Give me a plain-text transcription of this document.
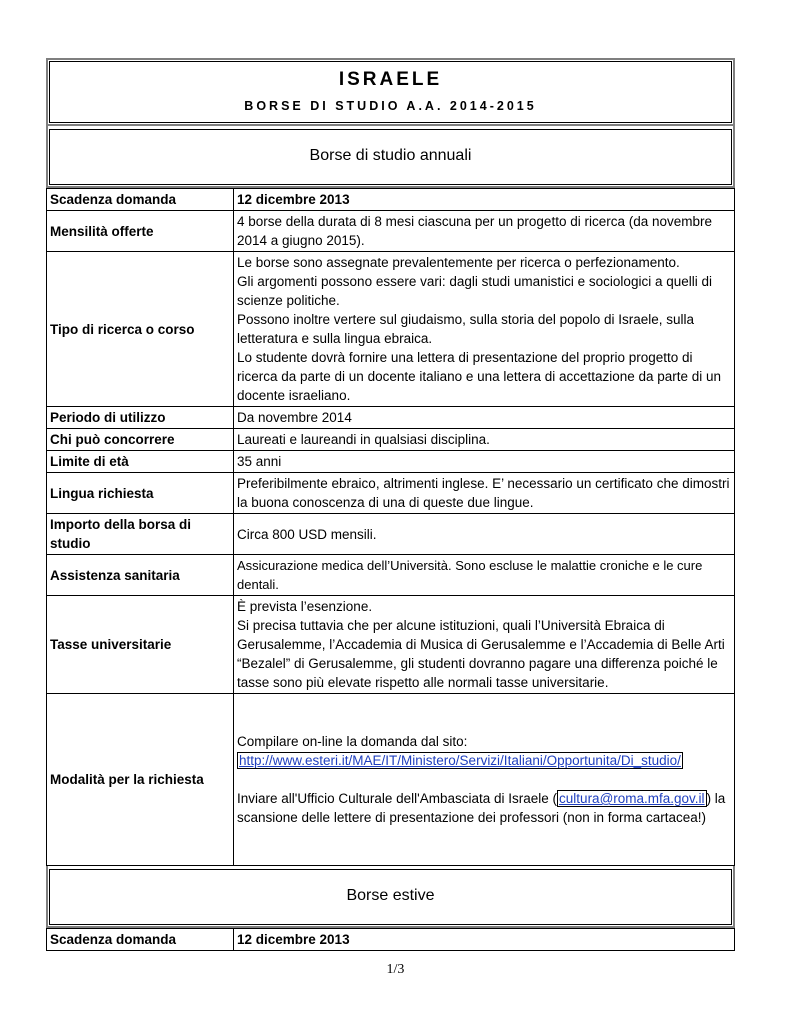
ISRAELE
BORSE DI STUDIO A.A. 2014-2015
Borse di studio annuali
Scadenza domanda	12 dicembre 2013
Mensilità offerte	4 borse della durata di 8 mesi ciascuna per un progetto di ricerca (da novembre 2014 a giugno 2015).
Tipo di ricerca o corso	Le borse sono assegnate prevalentemente per ricerca o perfezionamento.
Gli argomenti possono essere vari: dagli studi umanistici e sociologici a quelli di scienze politiche.
Possono inoltre vertere sul giudaismo, sulla storia del popolo di Israele, sulla letteratura e sulla lingua ebraica.
Lo studente dovrà fornire una lettera di presentazione del proprio progetto di ricerca da parte di un docente italiano e una lettera di accettazione da parte di un docente israeliano.

Periodo di utilizzo	Da novembre 2014
Chi può concorrere	Laureati e laureandi in qualsiasi disciplina.
Limite di età	35 anni
Lingua richiesta	Preferibilmente ebraico, altrimenti inglese. E’ necessario un certificato che dimostri la buona conoscenza di una di queste due lingue.
Importo della borsa di studio	Circa 800 USD mensili.
Assistenza sanitaria	Assicurazione medica dell’Università. Sono escluse le malattie croniche e le cure dentali.
Tasse universitarie	È prevista l’esenzione.
Si precisa tuttavia che per alcune istituzioni, quali l’Università Ebraica di Gerusalemme, l’Accademia di Musica di Gerusalemme e l’Accademia di Belle Arti “Bezalel” di Gerusalemme, gli studenti dovranno pagare una differenza poiché le tasse sono più elevate rispetto alle normali tasse universitarie.

Modalità per la richiesta	Compilare on-line la domanda dal sito:
http://www.esteri.it/MAE/IT/Ministero/Servizi/Italiani/Opportunita/Di_studio/
Inviare all'Ufficio Culturale dell'Ambasciata di Israele ( cultura@roma.mfa.gov.il ) la scansione delle lettere di presentazione dei professori (non in forma cartacea!)
Borse estive
Scadenza domanda	12 dicembre 2013
1/3
